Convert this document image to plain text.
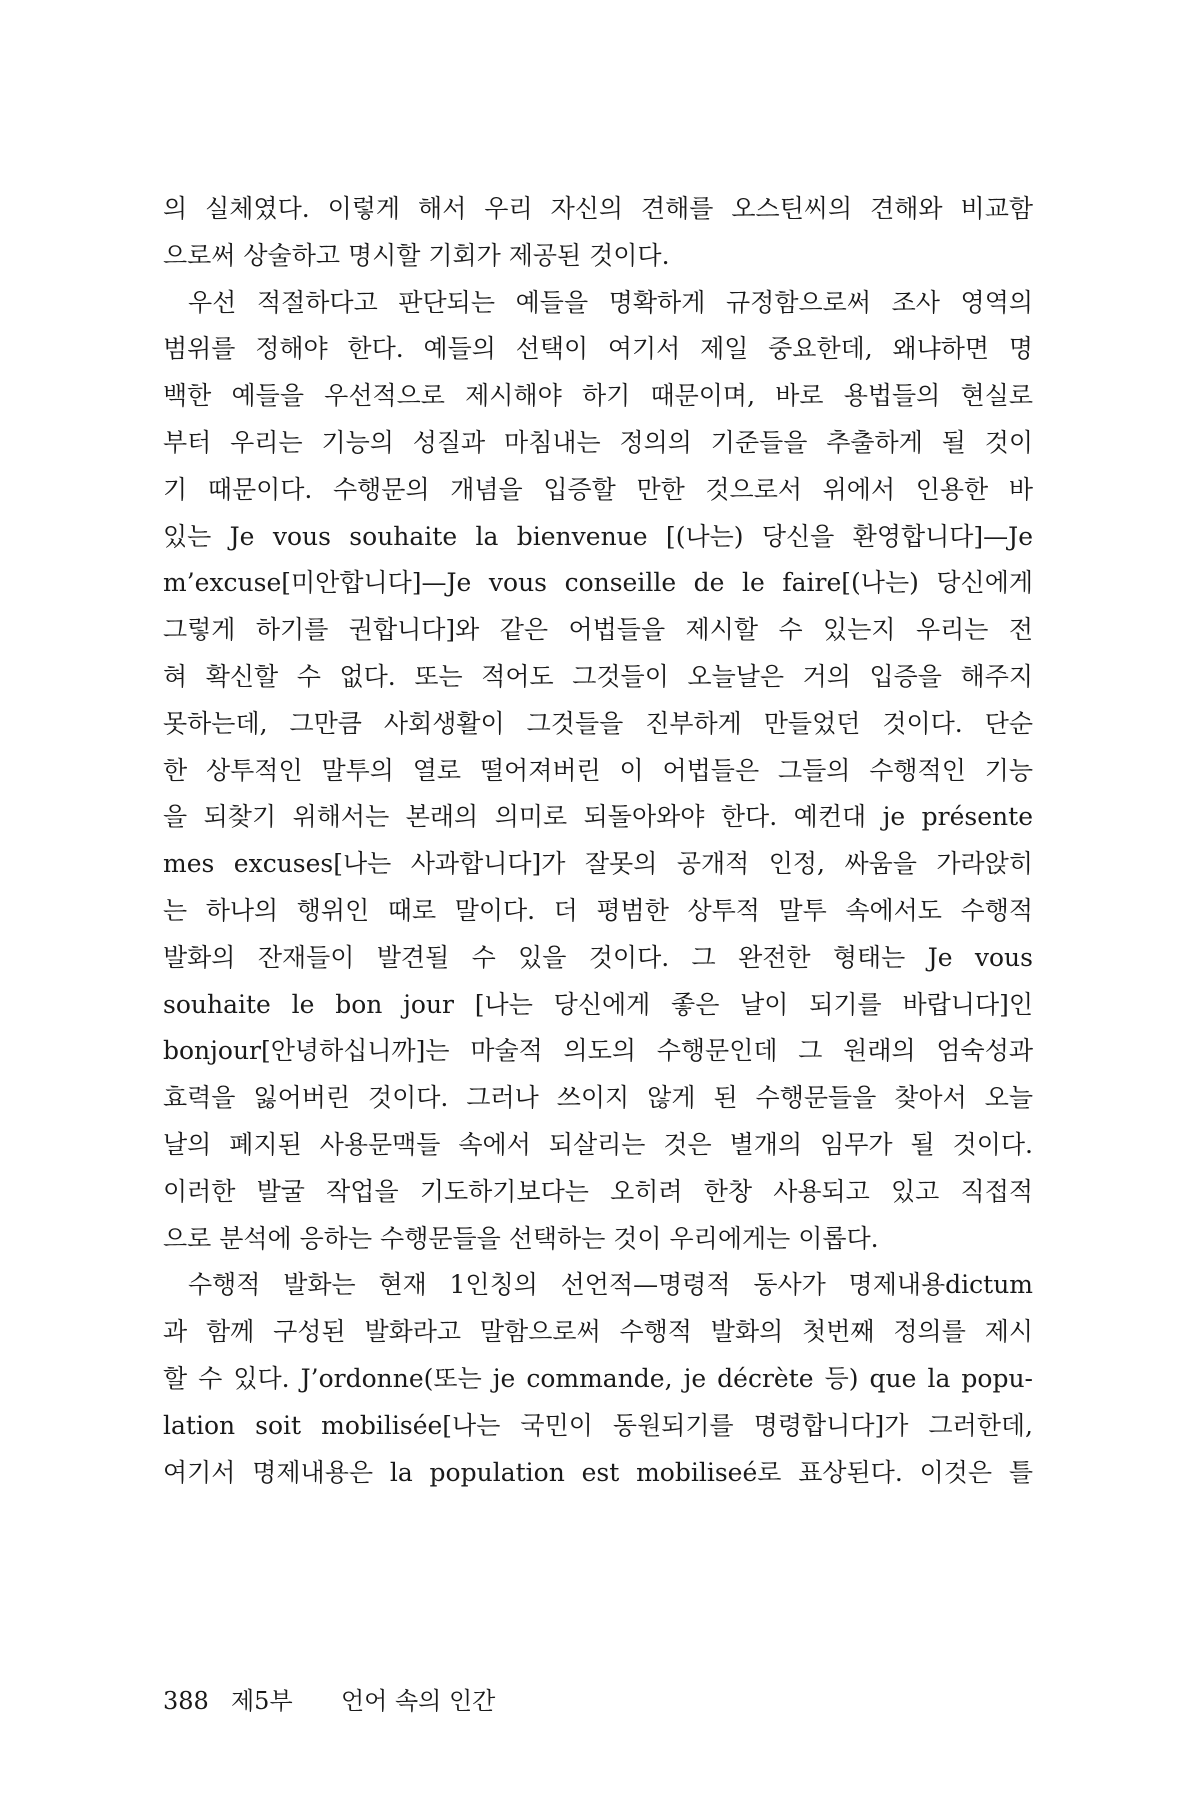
의 실체였다. 이렇게 해서 우리 자신의 견해를 오스틴씨의 견해와 비교함

으로써 상술하고 명시할 기회가 제공된 것이다.

우선 적절하다고 판단되는 예들을 명확하게 규정함으로써 조사 영역의

범위를 정해야 한다. 예들의 선택이 여기서 제일 중요한데, 왜냐하면 명

백한 예들을 우선적으로 제시해야 하기 때문이며, 바로 용법들의 현실로

부터 우리는 기능의 성질과 마침내는 정의의 기준들을 추출하게 될 것이

기 때문이다. 수행문의 개념을 입증할 만한 것으로서 위에서 인용한 바

있는 Je vous souhaite la bienvenue [(나는) 당신을 환영합니다]—Je

m’excuse[미안합니다]—Je vous conseille de le faire[(나는) 당신에게

그렇게 하기를 권합니다]와 같은 어법들을 제시할 수 있는지 우리는 전

혀 확신할 수 없다. 또는 적어도 그것들이 오늘날은 거의 입증을 해주지

못하는데, 그만큼 사회생활이 그것들을 진부하게 만들었던 것이다. 단순

한 상투적인 말투의 열로 떨어져버린 이 어법들은 그들의 수행적인 기능

을 되찾기 위해서는 본래의 의미로 되돌아와야 한다. 예컨대 je présente

mes excuses[나는 사과합니다]가 잘못의 공개적 인정, 싸움을 가라앉히

는 하나의 행위인 때로 말이다. 더 평범한 상투적 말투 속에서도 수행적

발화의 잔재들이 발견될 수 있을 것이다. 그 완전한 형태는 Je vous

souhaite le bon jour [나는 당신에게 좋은 날이 되기를 바랍니다]인

bonjour[안녕하십니까]는 마술적 의도의 수행문인데 그 원래의 엄숙성과

효력을 잃어버린 것이다. 그러나 쓰이지 않게 된 수행문들을 찾아서 오늘

날의 폐지된 사용문맥들 속에서 되살리는 것은 별개의 임무가 될 것이다.

이러한 발굴 작업을 기도하기보다는 오히려 한창 사용되고 있고 직접적

으로 분석에 응하는 수행문들을 선택하는 것이 우리에게는 이롭다.

수행적 발화는 현재 1인칭의 선언적—명령적 동사가 명제내용dictum

과 함께 구성된 발화라고 말함으로써 수행적 발화의 첫번째 정의를 제시

할 수 있다. J’ordonne(또는 je commande, je décrète 등) que la popu-

lation soit mobilisée[나는 국민이 동원되기를 명령합니다]가 그러한데,

여기서 명제내용은 la population est mobiliseé로 표상된다. 이것은 틀

388 제5부 언어 속의 인간
